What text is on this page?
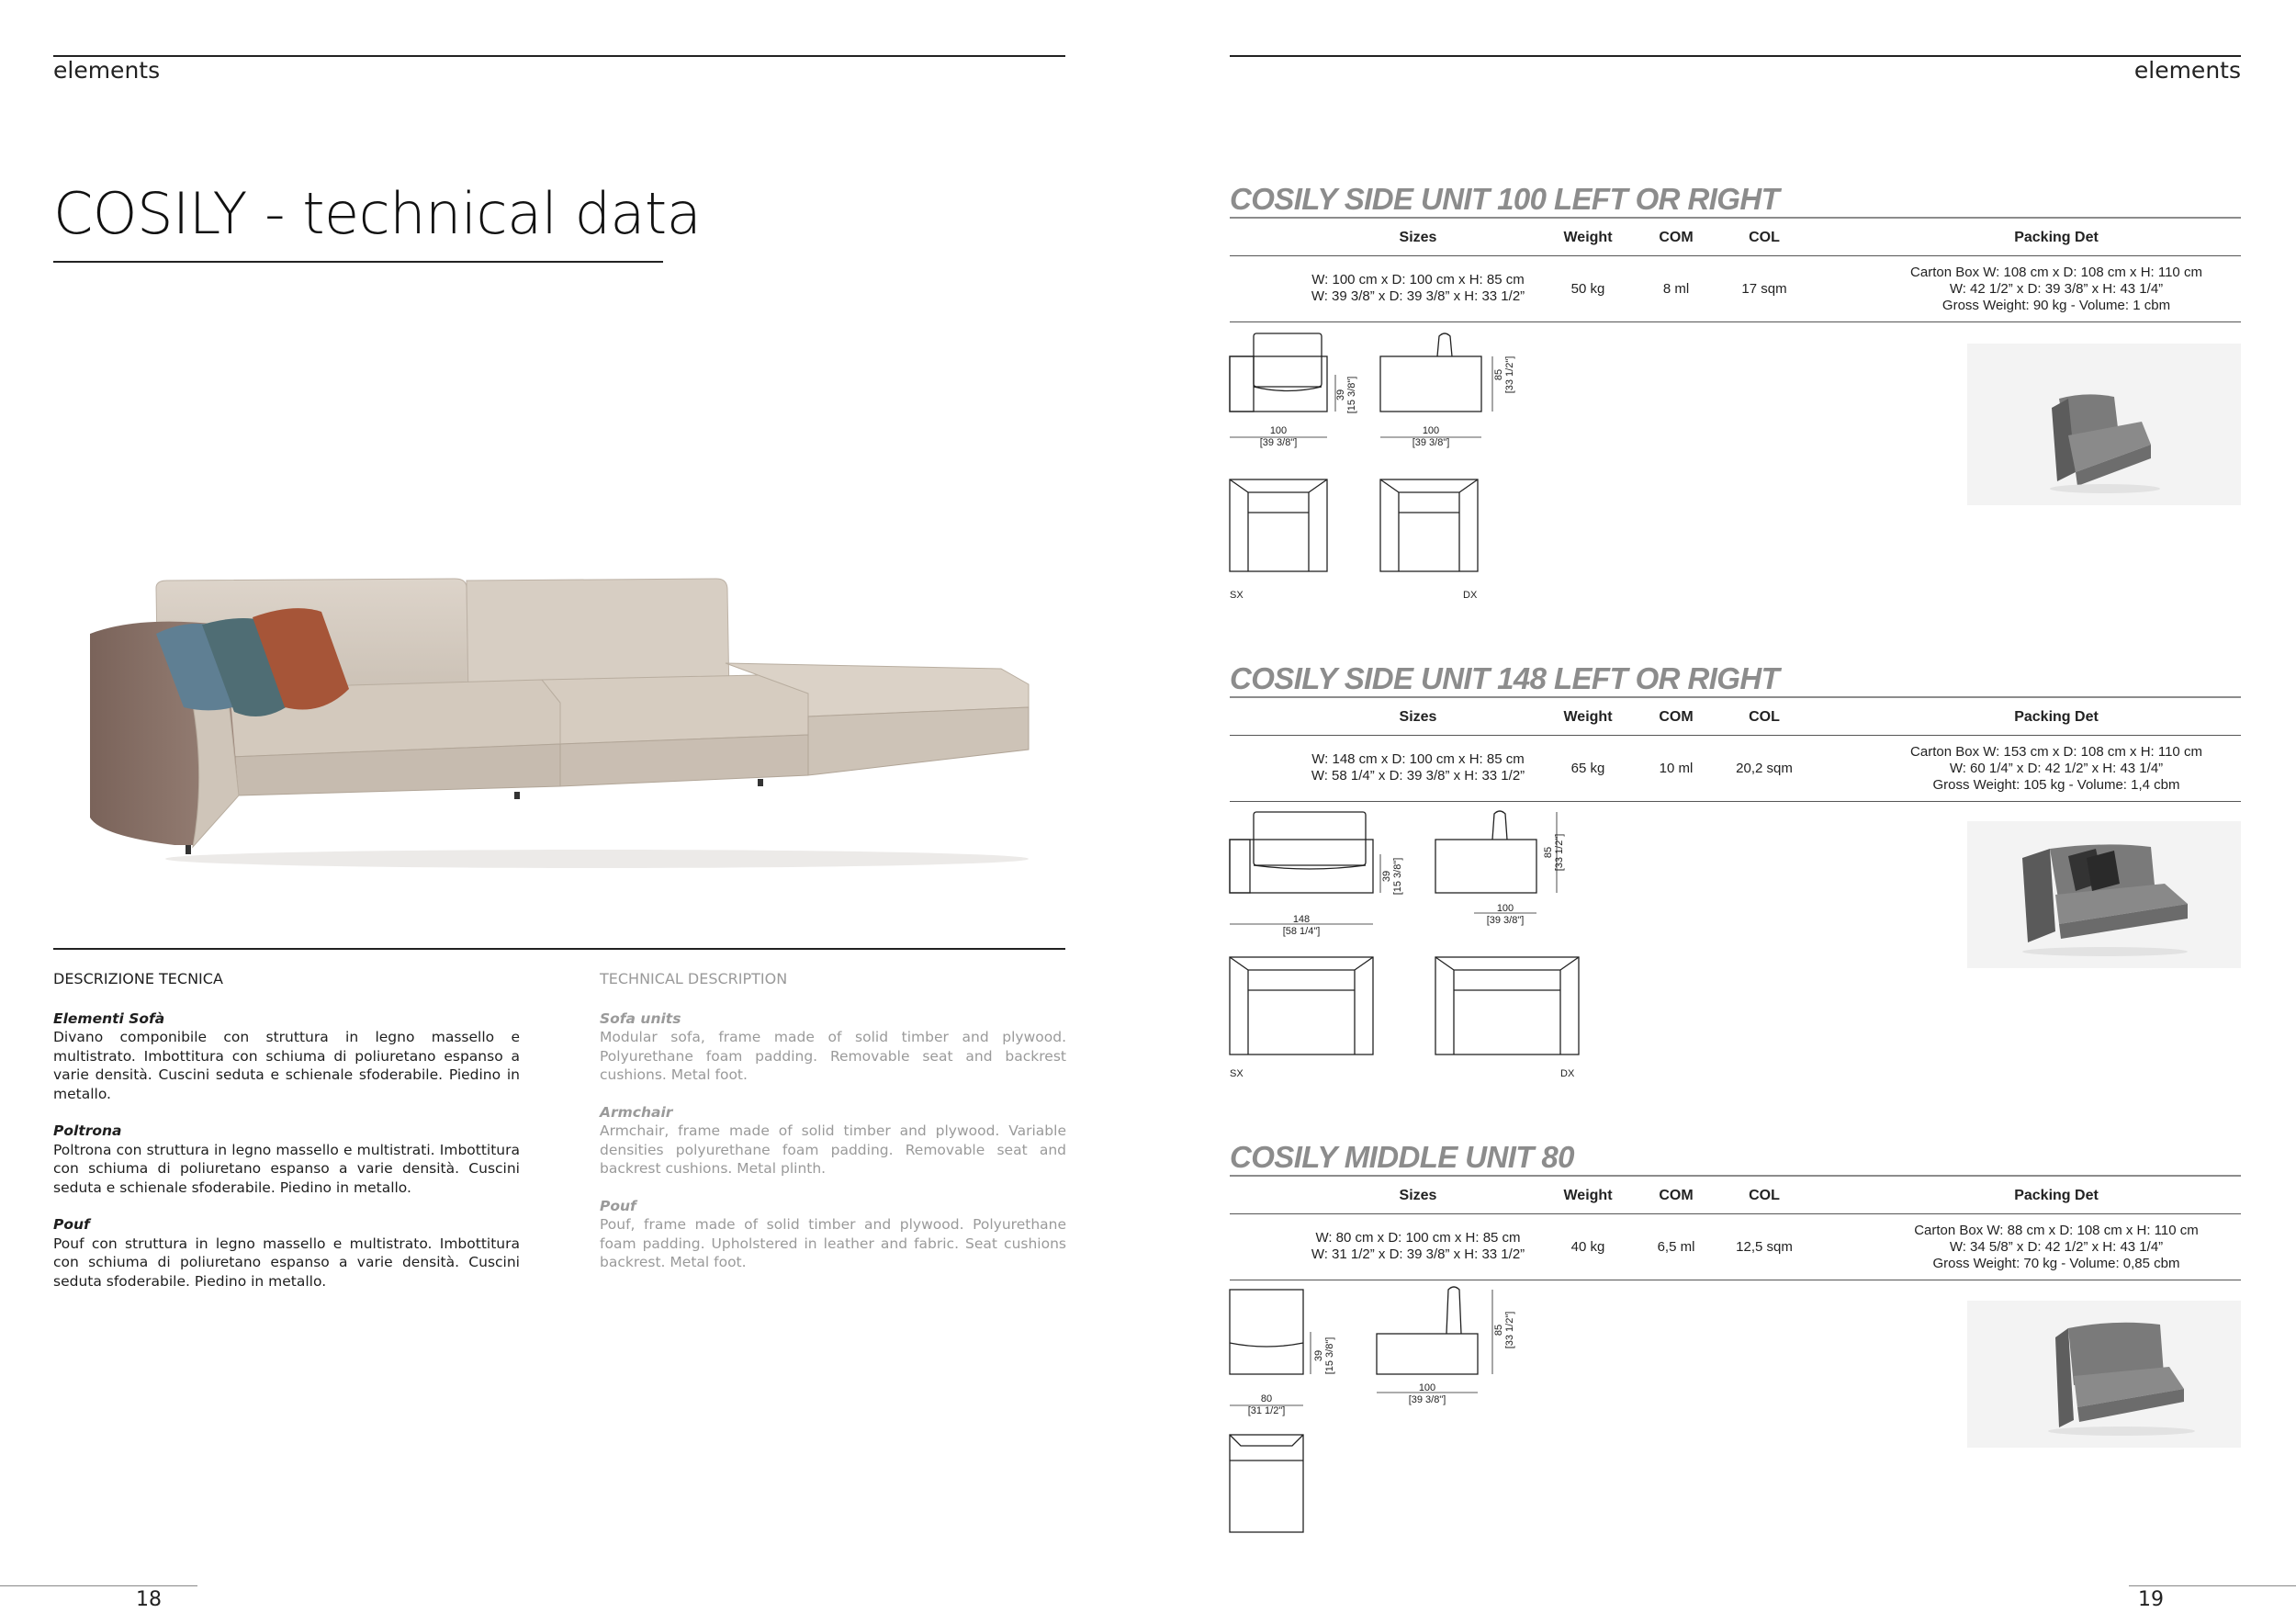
elements	elements
COSILY - technical data
DESCRIZIONE TECNICA
Elementi Sofà
Divano componibile con struttura in legno massello e multistrato. Imbottitura con schiuma di poliuretano espanso a varie densità. Cuscini seduta e schienale sfoderabile. Piedino in metallo.
Poltrona
Poltrona con struttura in legno massello e multistrati. Imbottitura con schiuma di poliuretano espanso a varie densità. Cuscini seduta e schienale sfoderabile. Piedino in metallo.
Pouf
Pouf con struttura in legno massello e multistrato. Imbottitura con schiuma di poliuretano espanso a varie densità. Cuscini seduta sfoderabile. Piedino in metallo.
TECHNICAL DESCRIPTION
Sofa units
Modular sofa, frame made of solid timber and plywood. Polyurethane foam padding. Removable seat and backrest cushions. Metal foot.
Armchair
Armchair, frame made of solid timber and plywood. Variable densities polyurethane foam padding. Removable seat and backrest cushions. Metal plinth.
Pouf
Pouf, frame made of solid timber and plywood. Polyurethane foam padding. Upholstered in leather and fabric. Seat cushions backrest. Metal foot.
18
COSILY SIDE UNIT 100 LEFT OR RIGHT
Sizes	Weight	COM	COL	Packing Det
W: 100 cm x D: 100 cm x H: 85 cm
W: 39 3/8” x D: 39 3/8” x H: 33 1/2”	50 kg	8 ml	17 sqm
Carton Box W: 108 cm x D: 108 cm x H: 110 cm
W: 42 1/2” x D: 39 3/8” x H: 43 1/4”
Gross Weight: 90 kg - Volume: 1 cbm
100
[39 3/8"]
100
[39 3/8"]
39 [15 3/8"]
85 [33 1/2"]
SX	DX
COSILY SIDE UNIT 148 LEFT OR RIGHT
Sizes	Weight	COM	COL	Packing Det
W: 148 cm x D: 100 cm x H: 85 cm
W: 58 1/4” x D: 39 3/8” x H: 33 1/2”	65 kg	10 ml	20,2 sqm
Carton Box W: 153 cm x D: 108 cm x H: 110 cm
W: 60 1/4” x D: 42 1/2” x H: 43 1/4”
Gross Weight: 105 kg - Volume: 1,4 cbm
148
[58 1/4"]
100
[39 3/8"]
39 [15 3/8"]
85 [33 1/2"]
SX	DX
COSILY MIDDLE UNIT 80
Sizes	Weight	COM	COL	Packing Det
W: 80 cm x D: 100 cm x H: 85 cm
W: 31 1/2” x D: 39 3/8” x H: 33 1/2”	40 kg	6,5 ml	12,5 sqm
Carton Box W: 88 cm x D: 108 cm x H: 110 cm
W: 34 5/8” x D: 42 1/2” x H: 43 1/4”
Gross Weight: 70 kg - Volume: 0,85 cbm
80
[31 1/2"]
100
[39 3/8"]
39 [15 3/8"]
85 [33 1/2"]
19
